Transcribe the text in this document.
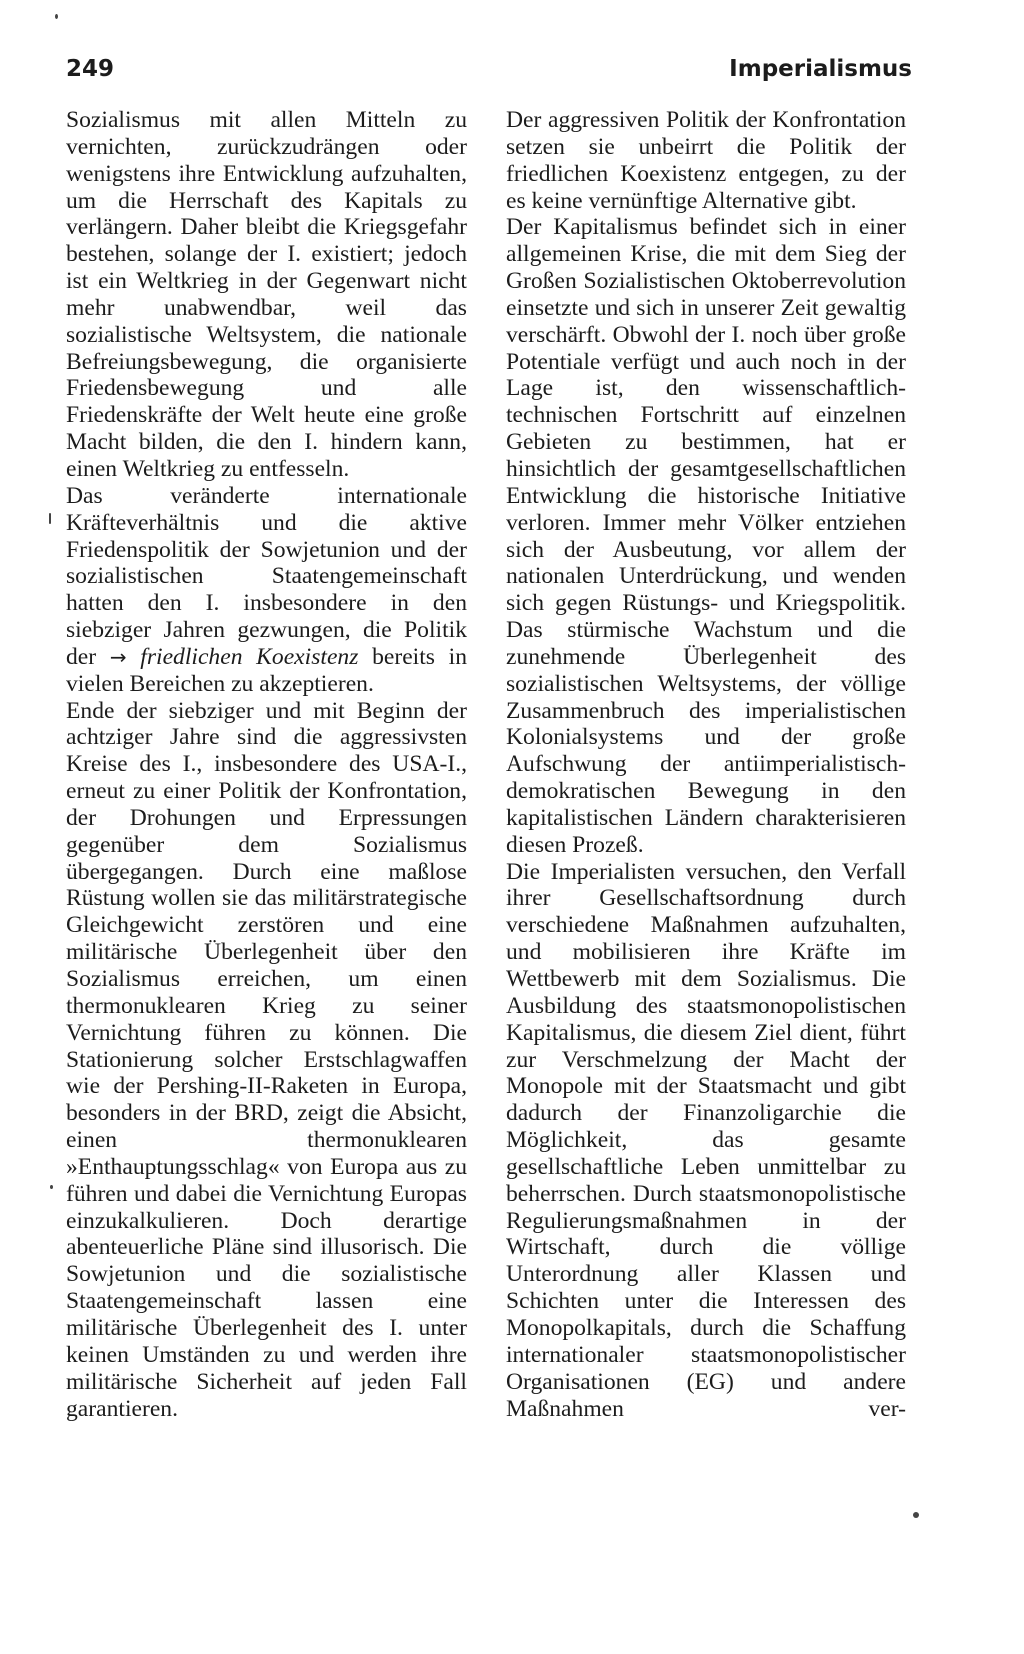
249	Imperialismus

Sozialismus mit allen Mitteln zu vernichten, zurückzudrängen oder wenigstens ihre Entwicklung aufzuhalten, um die Herrschaft des Kapitals zu verlängern. Daher bleibt die Kriegsgefahr bestehen, solange der I. existiert; jedoch ist ein Weltkrieg in der Gegenwart nicht mehr unabwendbar, weil das sozialistische Weltsystem, die nationale Befreiungsbewegung, die organisierte Friedensbewegung und alle Friedenskräfte der Welt heute eine große Macht bilden, die den I. hindern kann, einen Weltkrieg zu entfesseln.

Das veränderte internationale Kräfteverhältnis und die aktive Friedenspolitik der Sowjetunion und der sozialistischen Staatengemeinschaft hatten den I. insbesondere in den siebziger Jahren gezwungen, die Politik der → friedlichen Koexistenz bereits in vielen Bereichen zu akzeptieren.

Ende der siebziger und mit Beginn der achtziger Jahre sind die aggressivsten Kreise des I., insbesondere des USA-I., erneut zu einer Politik der Konfrontation, der Drohungen und Erpressungen gegenüber dem Sozialismus übergegangen. Durch eine maßlose Rüstung wollen sie das militärstrategische Gleichgewicht zerstören und eine militärische Überlegenheit über den Sozialismus erreichen, um einen thermonuklearen Krieg zu seiner Vernichtung führen zu können. Die Stationierung solcher Erstschlagwaffen wie der Pershing-II-Raketen in Europa, besonders in der BRD, zeigt die Absicht, einen thermonuklearen »Enthauptungsschlag« von Europa aus zu führen und dabei die Vernichtung Europas einzukalkulieren. Doch derartige abenteuerliche Pläne sind illusorisch. Die Sowjetunion und die sozialistische Staatengemeinschaft lassen eine militärische Überlegenheit des I. unter keinen Umständen zu und werden ihre militärische Sicherheit auf jeden Fall garantieren.

Der aggressiven Politik der Konfrontation setzen sie unbeirrt die Politik der friedlichen Koexistenz entgegen, zu der es keine vernünftige Alternative gibt.

Der Kapitalismus befindet sich in einer allgemeinen Krise, die mit dem Sieg der Großen Sozialistischen Oktoberrevolution einsetzte und sich in unserer Zeit gewaltig verschärft. Obwohl der I. noch über große Potentiale verfügt und auch noch in der Lage ist, den wissenschaftlich-technischen Fortschritt auf einzelnen Gebieten zu bestimmen, hat er hinsichtlich der gesamtgesellschaftlichen Entwicklung die historische Initiative verloren. Immer mehr Völker entziehen sich der Ausbeutung, vor allem der nationalen Unterdrückung, und wenden sich gegen Rüstungs- und Kriegspolitik. Das stürmische Wachstum und die zunehmende Überlegenheit des sozialistischen Weltsystems, der völlige Zusammenbruch des imperialistischen Kolonialsystems und der große Aufschwung der antiimperialistisch-demokratischen Bewegung in den kapitalistischen Ländern charakterisieren diesen Prozeß.

Die Imperialisten versuchen, den Verfall ihrer Gesellschaftsordnung durch verschiedene Maßnahmen aufzuhalten, und mobilisieren ihre Kräfte im Wettbewerb mit dem Sozialismus. Die Ausbildung des staatsmonopolistischen Kapitalismus, die diesem Ziel dient, führt zur Verschmelzung der Macht der Monopole mit der Staatsmacht und gibt dadurch der Finanzoligarchie die Möglichkeit, das gesamte gesellschaftliche Leben unmittelbar zu beherrschen. Durch staatsmonopolistische Regulierungsmaßnahmen in der Wirtschaft, durch die völlige Unterordnung aller Klassen und Schichten unter die Interessen des Monopolkapitals, durch die Schaffung internationaler staatsmonopolistischer Organisationen (EG) und andere Maßnahmen ver-
